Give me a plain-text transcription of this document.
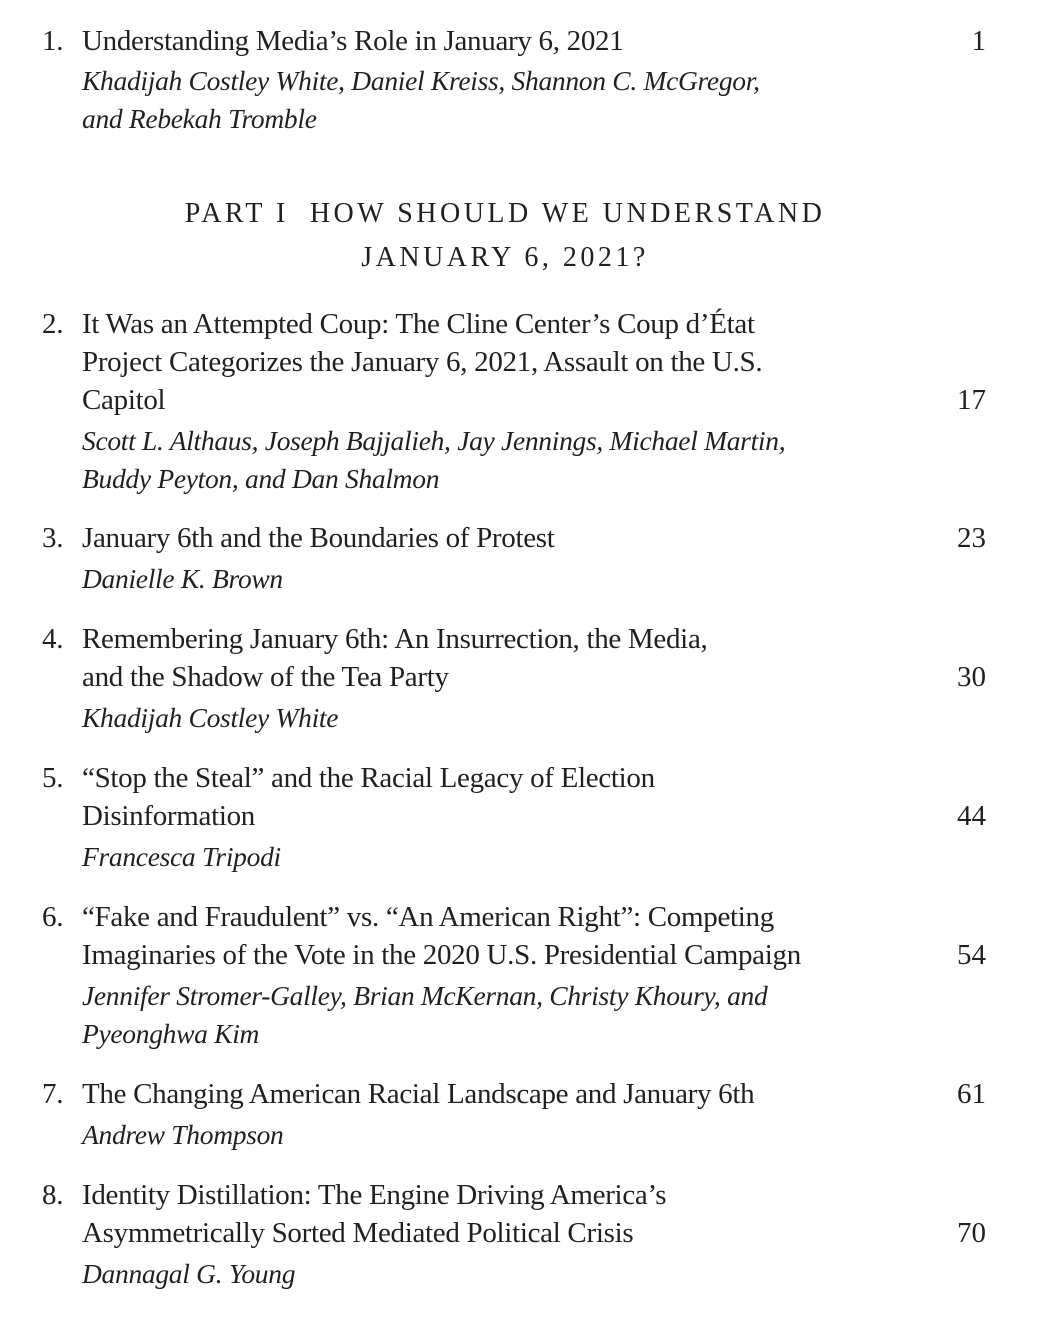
1. Understanding Media’s Role in January 6, 2021	1
Khadijah Costley White, Daniel Kreiss, Shannon C. McGregor,
and Rebekah Tromble
PART I  HOW SHOULD WE UNDERSTAND
JANUARY 6, 2021?
2. It Was an Attempted Coup: The Cline Center’s Coup d’État
Project Categorizes the January 6, 2021, Assault on the U.S.
Capitol	17
Scott L. Althaus, Joseph Bajjalieh, Jay Jennings, Michael Martin,
Buddy Peyton, and Dan Shalmon
3. January 6th and the Boundaries of Protest	23
Danielle K. Brown
4. Remembering January 6th: An Insurrection, the Media,
and the Shadow of the Tea Party	30
Khadijah Costley White
5. “Stop the Steal” and the Racial Legacy of Election
Disinformation	44
Francesca Tripodi
6. “Fake and Fraudulent” vs. “An American Right”: Competing
Imaginaries of the Vote in the 2020 U.S. Presidential Campaign	54
Jennifer Stromer-Galley, Brian McKernan, Christy Khoury, and
Pyeonghwa Kim
7. The Changing American Racial Landscape and January 6th	61
Andrew Thompson
8. Identity Distillation: The Engine Driving America’s
Asymmetrically Sorted Mediated Political Crisis	70
Dannagal G. Young
